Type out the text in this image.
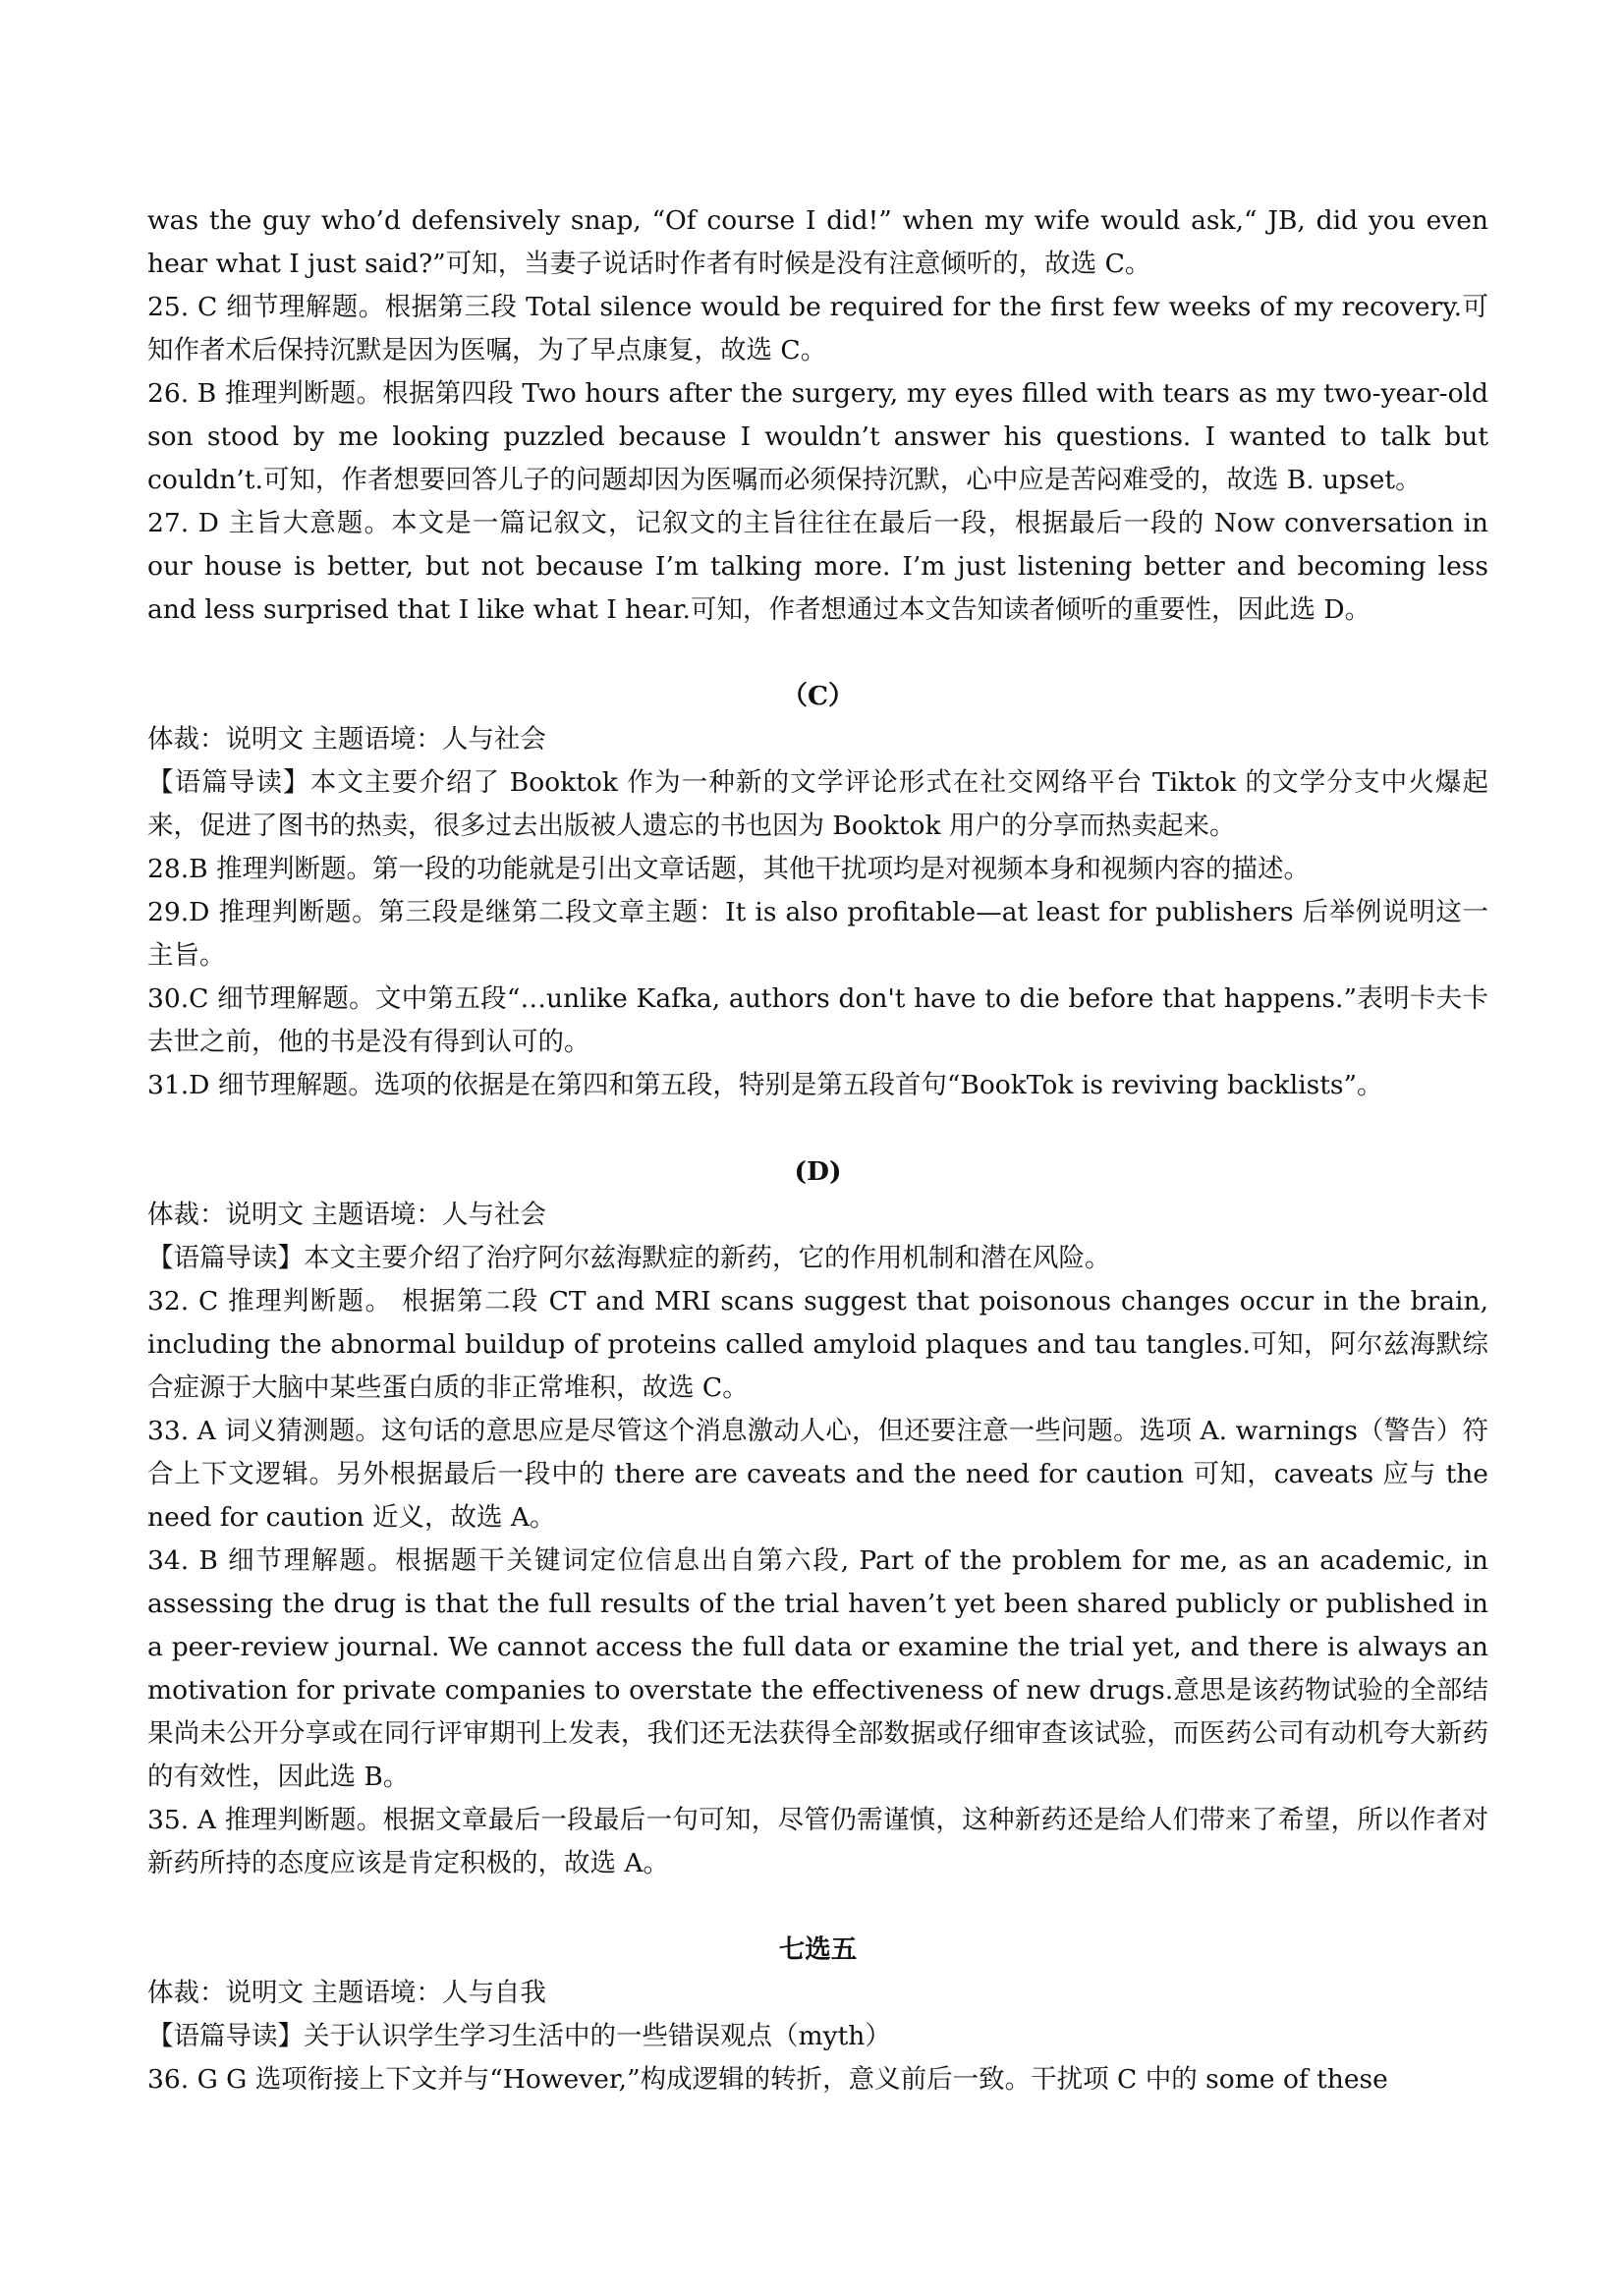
was the guy who’d defensively snap, “Of course I did!” when my wife would ask,“ JB, did you even hear what I just said?”可知，当妻子说话时作者有时候是没有注意倾听的，故选 C。

25. C 细节理解题。根据第三段 Total silence would be required for the first few weeks of my recovery.可知作者术后保持沉默是因为医嘱，为了早点康复，故选 C。

26. B 推理判断题。根据第四段 Two hours after the surgery, my eyes filled with tears as my two-year-old son stood by me looking puzzled because I wouldn’t answer his questions. I wanted to talk but couldn’t.可知，作者想要回答儿子的问题却因为医嘱而必须保持沉默，心中应是苦闷难受的，故选 B. upset。

27. D 主旨大意题。本文是一篇记叙文，记叙文的主旨往往在最后一段，根据最后一段的 Now conversation in our house is better, but not because I’m talking more. I’m just listening better and becoming less and less surprised that I like what I hear.可知，作者想通过本文告知读者倾听的重要性，因此选 D。

（C）

体裁：说明文 主题语境：人与社会

【语篇导读】本文主要介绍了 Booktok 作为一种新的文学评论形式在社交网络平台 Tiktok 的文学分支中火爆起来，促进了图书的热卖，很多过去出版被人遗忘的书也因为 Booktok 用户的分享而热卖起来。

28.B 推理判断题。第一段的功能就是引出文章话题，其他干扰项均是对视频本身和视频内容的描述。

29.D 推理判断题。第三段是继第二段文章主题：It is also profitable—at least for publishers 后举例说明这一主旨。

30.C 细节理解题。文中第五段“…unlike Kafka, authors don't have to die before that happens.”表明卡夫卡去世之前，他的书是没有得到认可的。

31.D 细节理解题。选项的依据是在第四和第五段，特别是第五段首句“BookTok is reviving backlists”。

(D)

体裁：说明文 主题语境：人与社会

【语篇导读】本文主要介绍了治疗阿尔兹海默症的新药，它的作用机制和潜在风险。

32. C 推理判断题。 根据第二段 CT and MRI scans suggest that poisonous changes occur in the brain, including the abnormal buildup of proteins called amyloid plaques and tau tangles.可知，阿尔兹海默综合症源于大脑中某些蛋白质的非正常堆积，故选 C。

33. A 词义猜测题。这句话的意思应是尽管这个消息激动人心，但还要注意一些问题。选项 A. warnings（警告）符合上下文逻辑。另外根据最后一段中的 there are caveats and the need for caution 可知，caveats 应与 the need for caution 近义，故选 A。

34. B 细节理解题。根据题干关键词定位信息出自第六段, Part of the problem for me, as an academic, in assessing the drug is that the full results of the trial haven’t yet been shared publicly or published in a peer-review journal. We cannot access the full data or examine the trial yet, and there is always an motivation for private companies to overstate the effectiveness of new drugs.意思是该药物试验的全部结果尚未公开分享或在同行评审期刊上发表，我们还无法获得全部数据或仔细审查该试验，而医药公司有动机夸大新药的有效性，因此选 B。

35. A 推理判断题。根据文章最后一段最后一句可知，尽管仍需谨慎，这种新药还是给人们带来了希望，所以作者对新药所持的态度应该是肯定积极的，故选 A。

七选五

体裁：说明文 主题语境：人与自我

【语篇导读】关于认识学生学习生活中的一些错误观点（myth）

36. G G 选项衔接上下文并与“However,”构成逻辑的转折，意义前后一致。干扰项 C 中的 some of these
